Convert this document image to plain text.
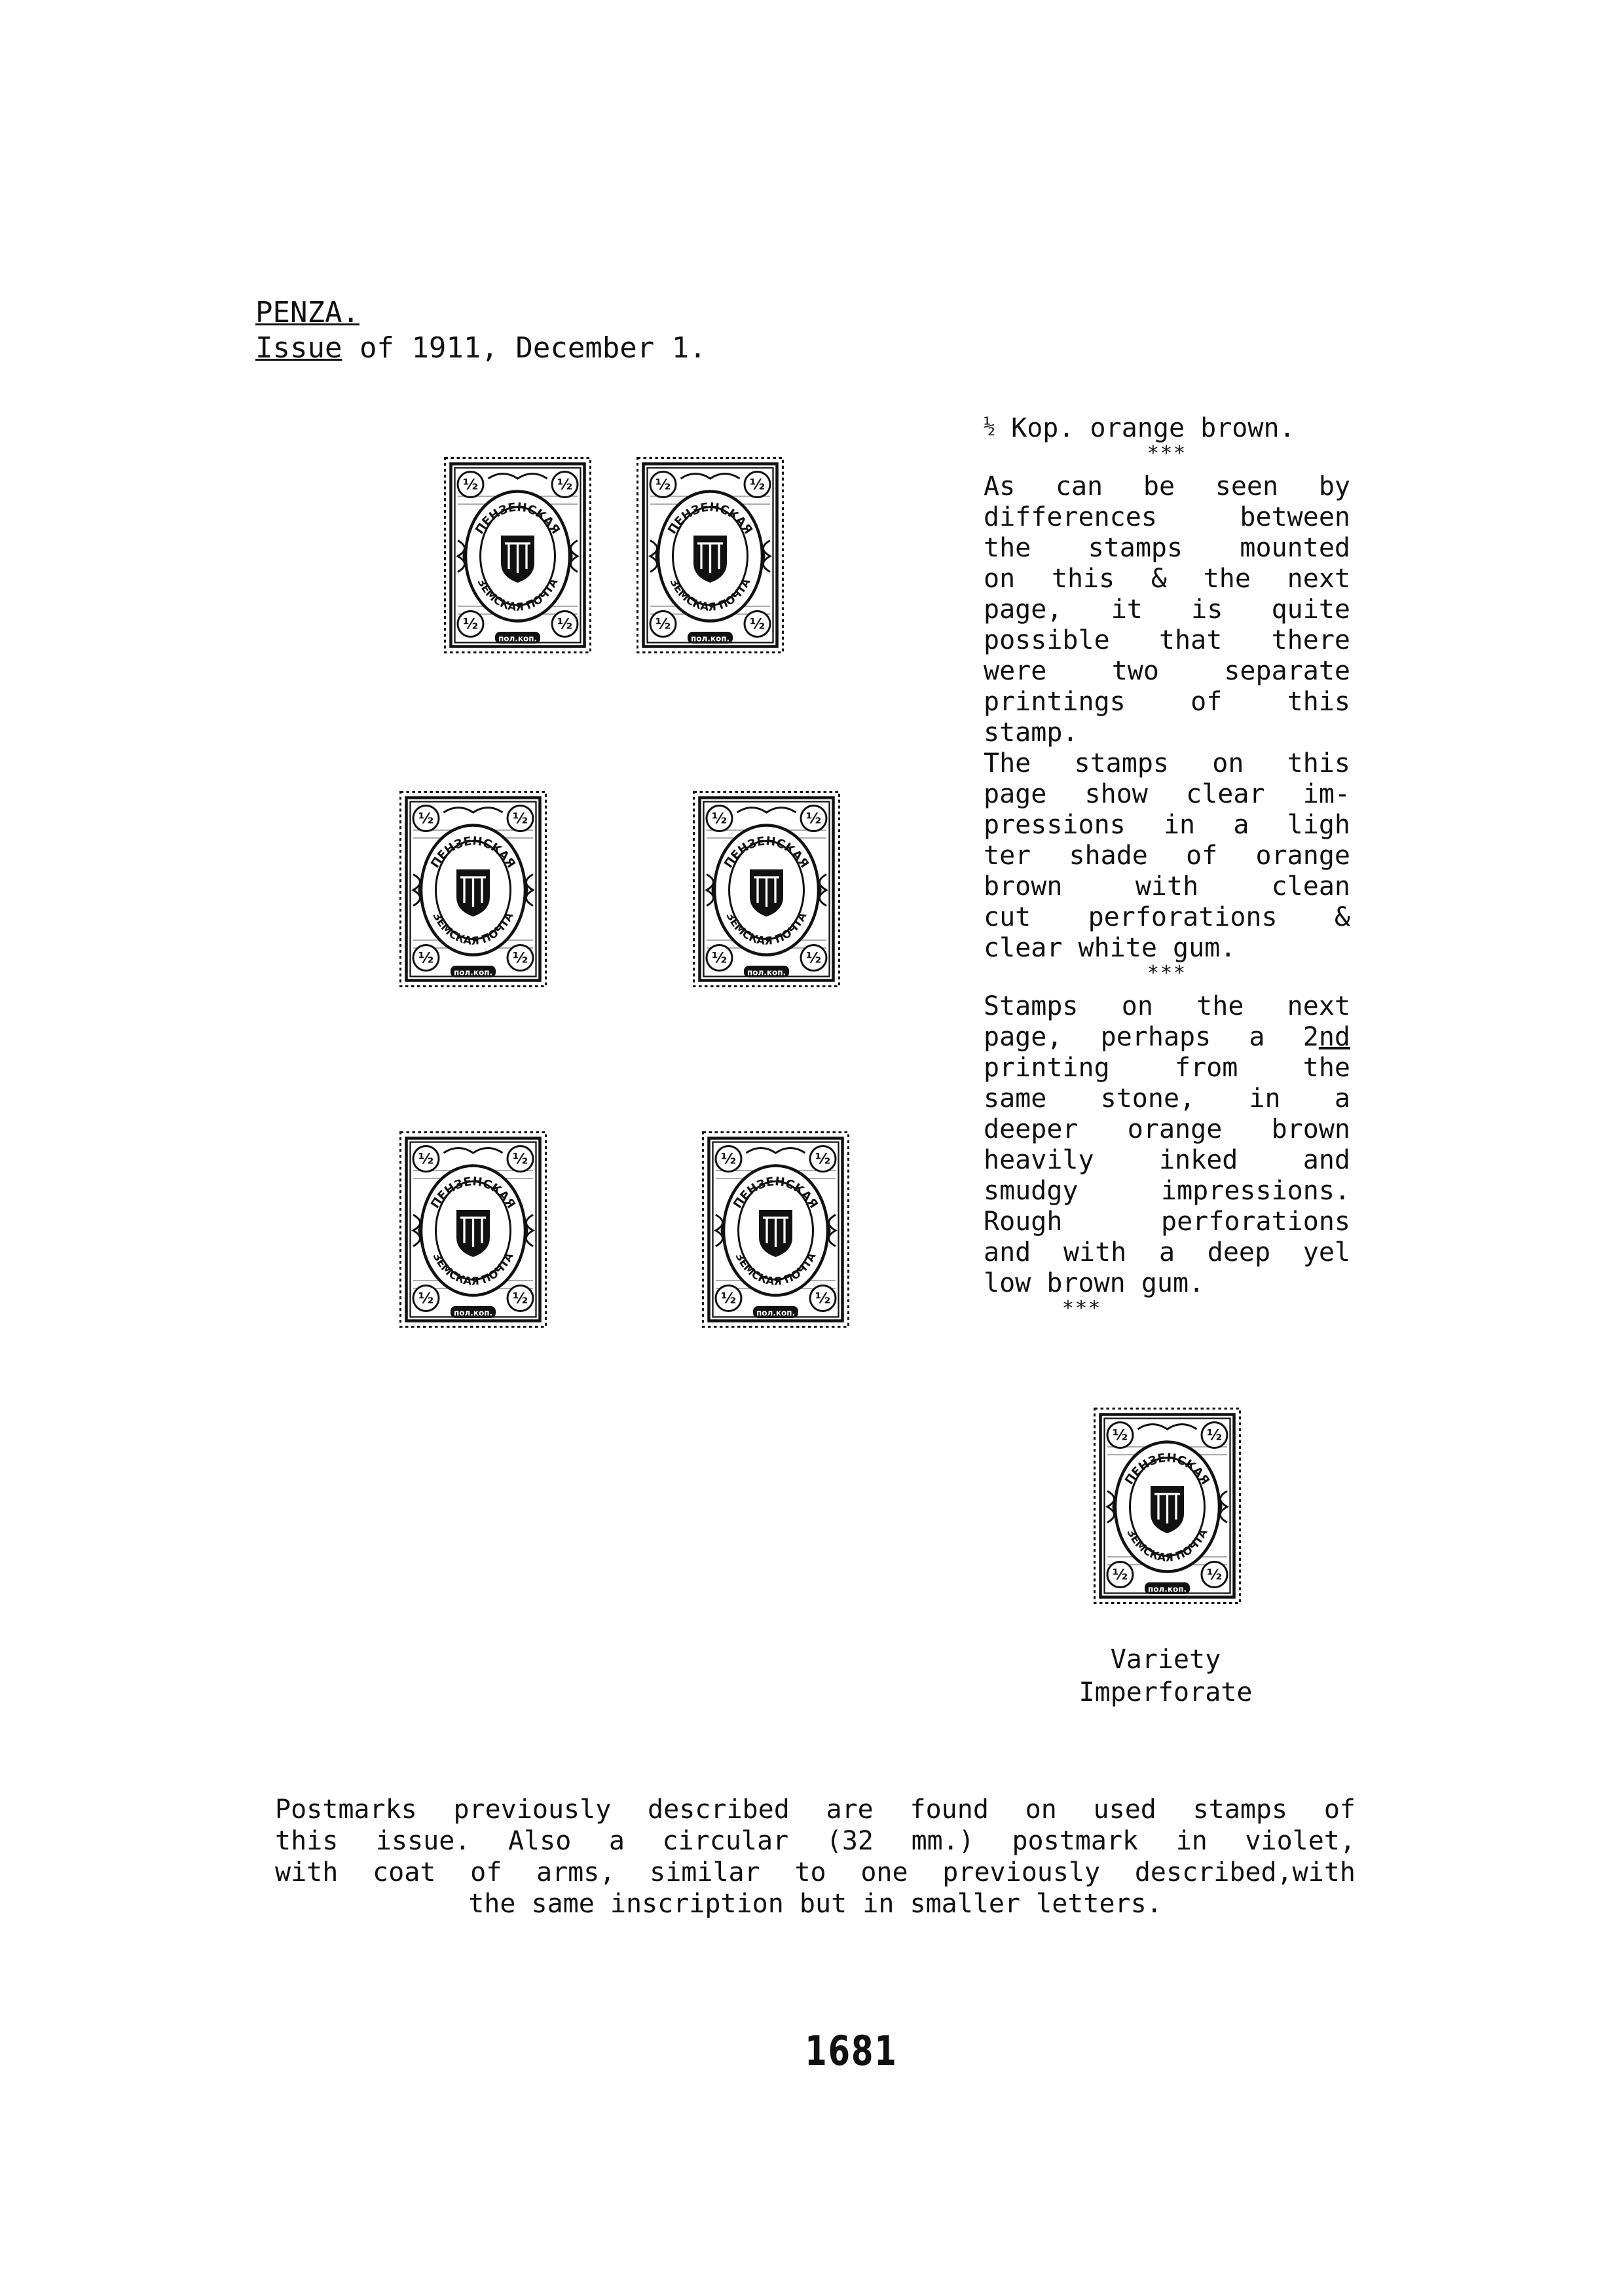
PENZA.
Issue of 1911, December 1.
½	½
½	½
ПЕНЗЕНСКАЯ
ЗЕМСКАЯ ПОЧТА
пол.коп.
½	½
½	½
ПЕНЗЕНСКАЯ
ЗЕМСКАЯ ПОЧТА
пол.коп.
½	½
½	½
ПЕНЗЕНСКАЯ
ЗЕМСКАЯ ПОЧТА
пол.коп.
½	½
½	½
ПЕНЗЕНСКАЯ
ЗЕМСКАЯ ПОЧТА
пол.коп.
½	½
½	½
ПЕНЗЕНСКАЯ
ЗЕМСКАЯ ПОЧТА
пол.коп.
½	½
½	½
ПЕНЗЕНСКАЯ
ЗЕМСКАЯ ПОЧТА
пол.коп.
½	½
½	½
ПЕНЗЕНСКАЯ
ЗЕМСКАЯ ПОЧТА
пол.коп.

½ Kop. orange brown.

***
As can be seen by
differences between
the stamps mounted
on this & the next
page, it is quite
possible that there
were two separate
printings of this
stamp.
The stamps on this
page show clear im-
pressions in a ligh
ter shade of orange
brown with clean
cut perforations &
clear white gum.
***
Stamps on the next
page, perhaps a 2nd
printing from the
same stone, in a
deeper orange brown
heavily inked and
smudgy impressions.
Rough perforations
and with a deep yel
low brown gum.
***
Variety
Imperforate
Postmarks previously described are found on used stamps of
this issue. Also a circular (32 mm.) postmark in violet,
with coat of arms, similar to one previously described,with
the same inscription but in smaller letters.
1681
